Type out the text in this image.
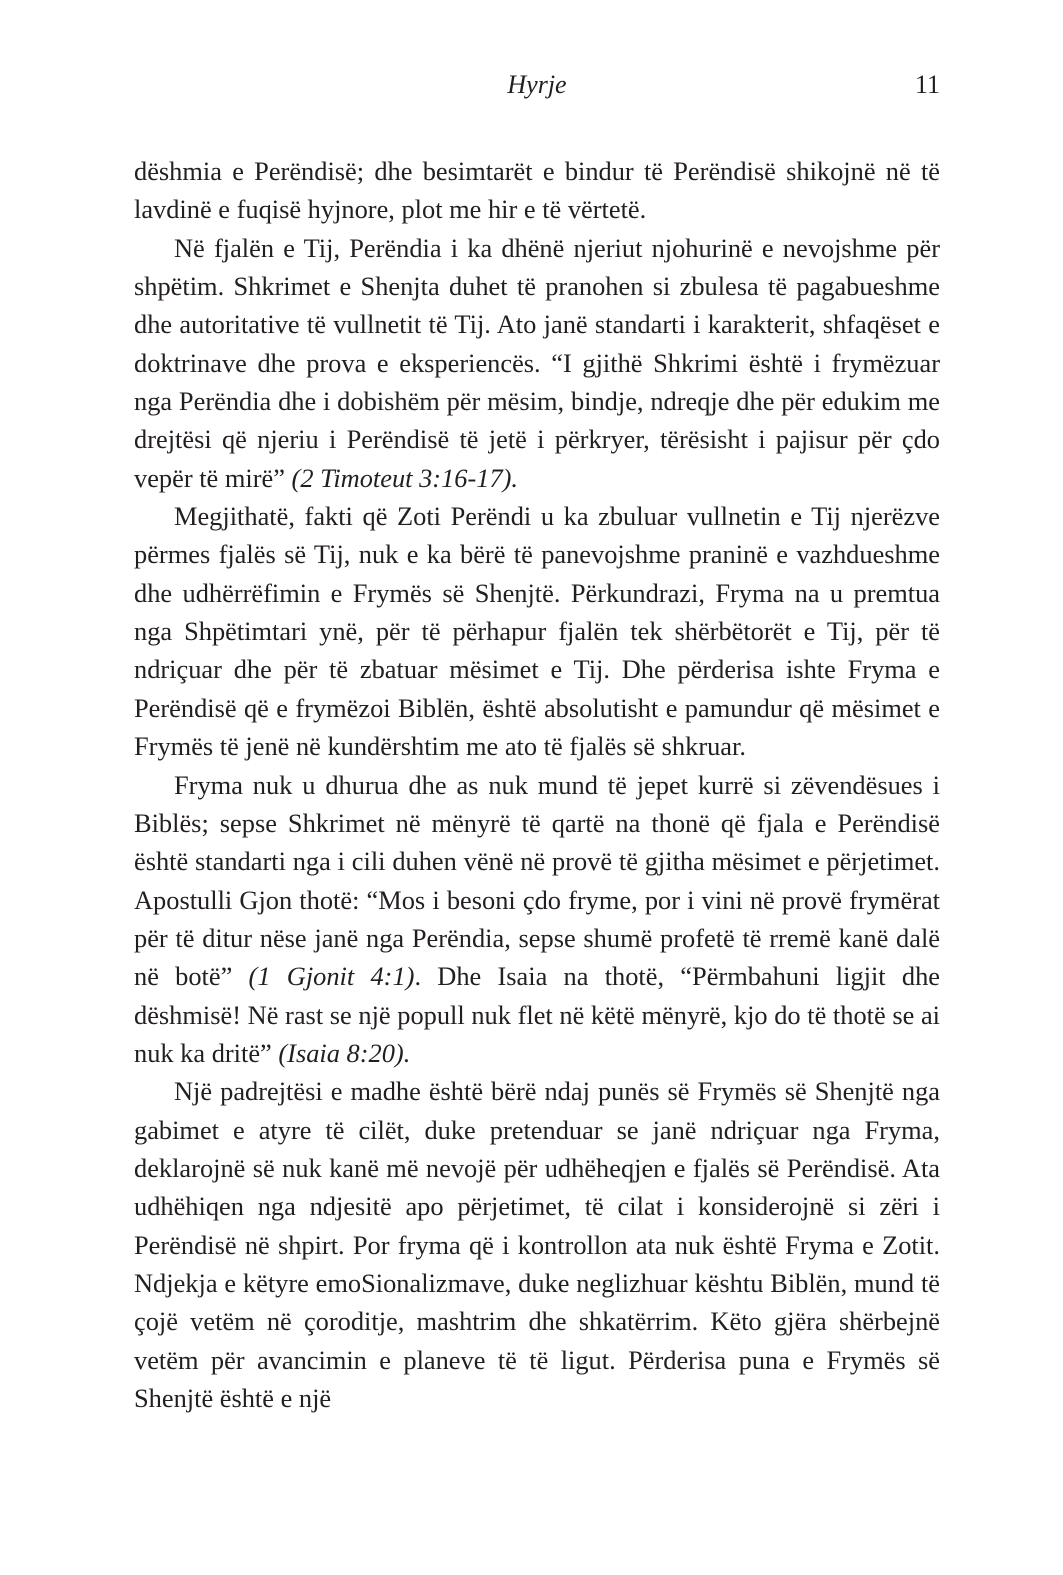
Hyrje	11

dëshmia e Perëndisë; dhe besimtarët e bindur të Perëndisë shikojnë në të lavdinë e fuqisë hyjnore, plot me hir e të vërtetë.

Në fjalën e Tij, Perëndia i ka dhënë njeriut njohurinë e nevojshme për shpëtim. Shkrimet e Shenjta duhet të pranohen si zbulesa të pagabueshme dhe autoritative të vullnetit të Tij. Ato janë standarti i karakterit, shfaqëset e doktrinave dhe prova e eksperiencës. “I gjithë Shkrimi është i frymëzuar nga Perëndia dhe i dobishëm për mësim, bindje, ndreqje dhe për edukim me drejtësi që njeriu i Perëndisë të jetë i përkryer, tërësisht i pajisur për çdo vepër të mirë” (2 Timoteut 3:16-17).

Megjithatë, fakti që Zoti Perëndi u ka zbuluar vullnetin e Tij njerëzve përmes fjalës së Tij, nuk e ka bërë të panevojshme praninë e vazhdueshme dhe udhërrëfimin e Frymës së Shenjtë. Përkundrazi, Fryma na u premtua nga Shpëtimtari ynë, për të përhapur fjalën tek shërbëtorët e Tij, për të ndriçuar dhe për të zbatuar mësimet e Tij. Dhe përderisa ishte Fryma e Perëndisë që e frymëzoi Biblën, është absolutisht e pamundur që mësimet e Frymës të jenë në kundërshtim me ato të fjalës së shkruar.

Fryma nuk u dhurua dhe as nuk mund të jepet kurrë si zëvendësues i Biblës; sepse Shkrimet në mënyrë të qartë na thonë që fjala e Perëndisë është standarti nga i cili duhen vënë në provë të gjitha mësimet e përjetimet. Apostulli Gjon thotë: “Mos i besoni çdo fryme, por i vini në provë frymërat për të ditur nëse janë nga Perëndia, sepse shumë profetë të rremë kanë dalë në botë” (1 Gjonit 4:1). Dhe Isaia na thotë, “Përmbahuni ligjit dhe dëshmisë! Në rast se një popull nuk flet në këtë mënyrë, kjo do të thotë se ai nuk ka dritë” (Isaia 8:20).

Një padrejtësi e madhe është bërë ndaj punës së Frymës së Shenjtë nga gabimet e atyre të cilët, duke pretenduar se janë ndriçuar nga Fryma, deklarojnë së nuk kanë më nevojë për udhëheqjen e fjalës së Perëndisë. Ata udhëhiqen nga ndjesitë apo përjetimet, të cilat i konsiderojnë si zëri i Perëndisë në shpirt. Por fryma që i kontrollon ata nuk është Fryma e Zotit. Ndjekja e këtyre emoSionalizmave, duke neglizhuar kështu Biblën, mund të çojë vetëm në çoroditje, mashtrim dhe shkatërrim. Këto gjëra shërbejnë vetëm për avancimin e planeve të të ligut. Përderisa puna e Frymës së Shenjtë është e një
